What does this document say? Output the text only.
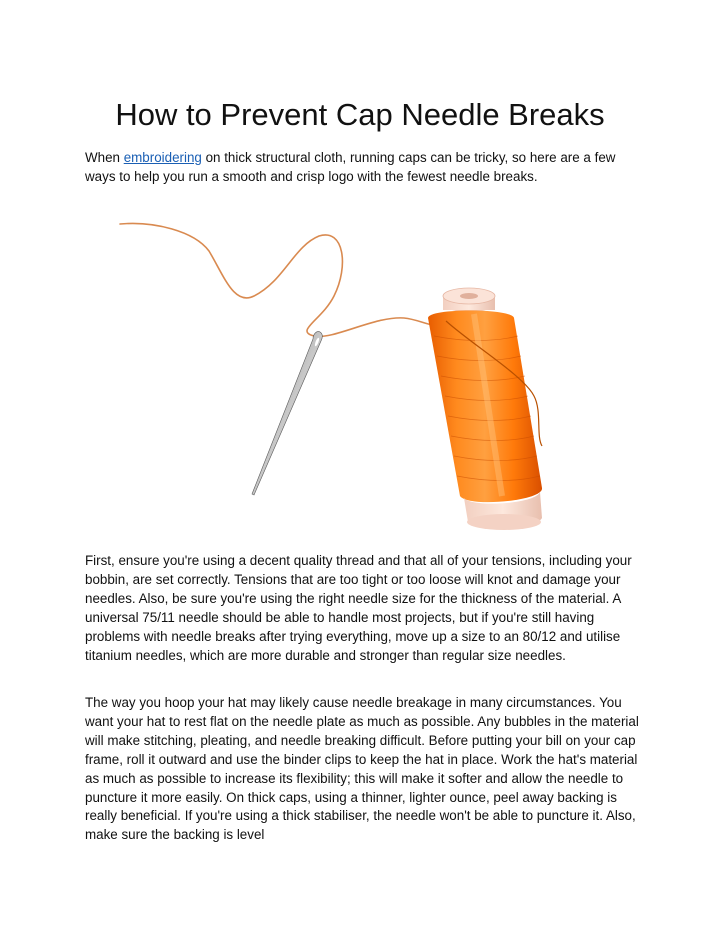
How to Prevent Cap Needle Breaks

When embroidering on thick structural cloth, running caps can be tricky, so here are a few ways to help you run a smooth and crisp logo with the fewest needle breaks.

First, ensure you're using a decent quality thread and that all of your tensions, including your bobbin, are set correctly. Tensions that are too tight or too loose will knot and damage your needles. Also, be sure you're using the right needle size for the thickness of the material. A universal 75/11 needle should be able to handle most projects, but if you're still having problems with needle breaks after trying everything, move up a size to an 80/12 and utilise titanium needles, which are more durable and stronger than regular size needles.

The way you hoop your hat may likely cause needle breakage in many circumstances. You want your hat to rest flat on the needle plate as much as possible. Any bubbles in the material will make stitching, pleating, and needle breaking difficult. Before putting your bill on your cap frame, roll it outward and use the binder clips to keep the hat in place. Work the hat's material as much as possible to increase its flexibility; this will make it softer and allow the needle to puncture it more easily. On thick caps, using a thinner, lighter ounce, peel away backing is really beneficial. If you're using a thick stabiliser, the needle won't be able to puncture it. Also, make sure the backing is level
